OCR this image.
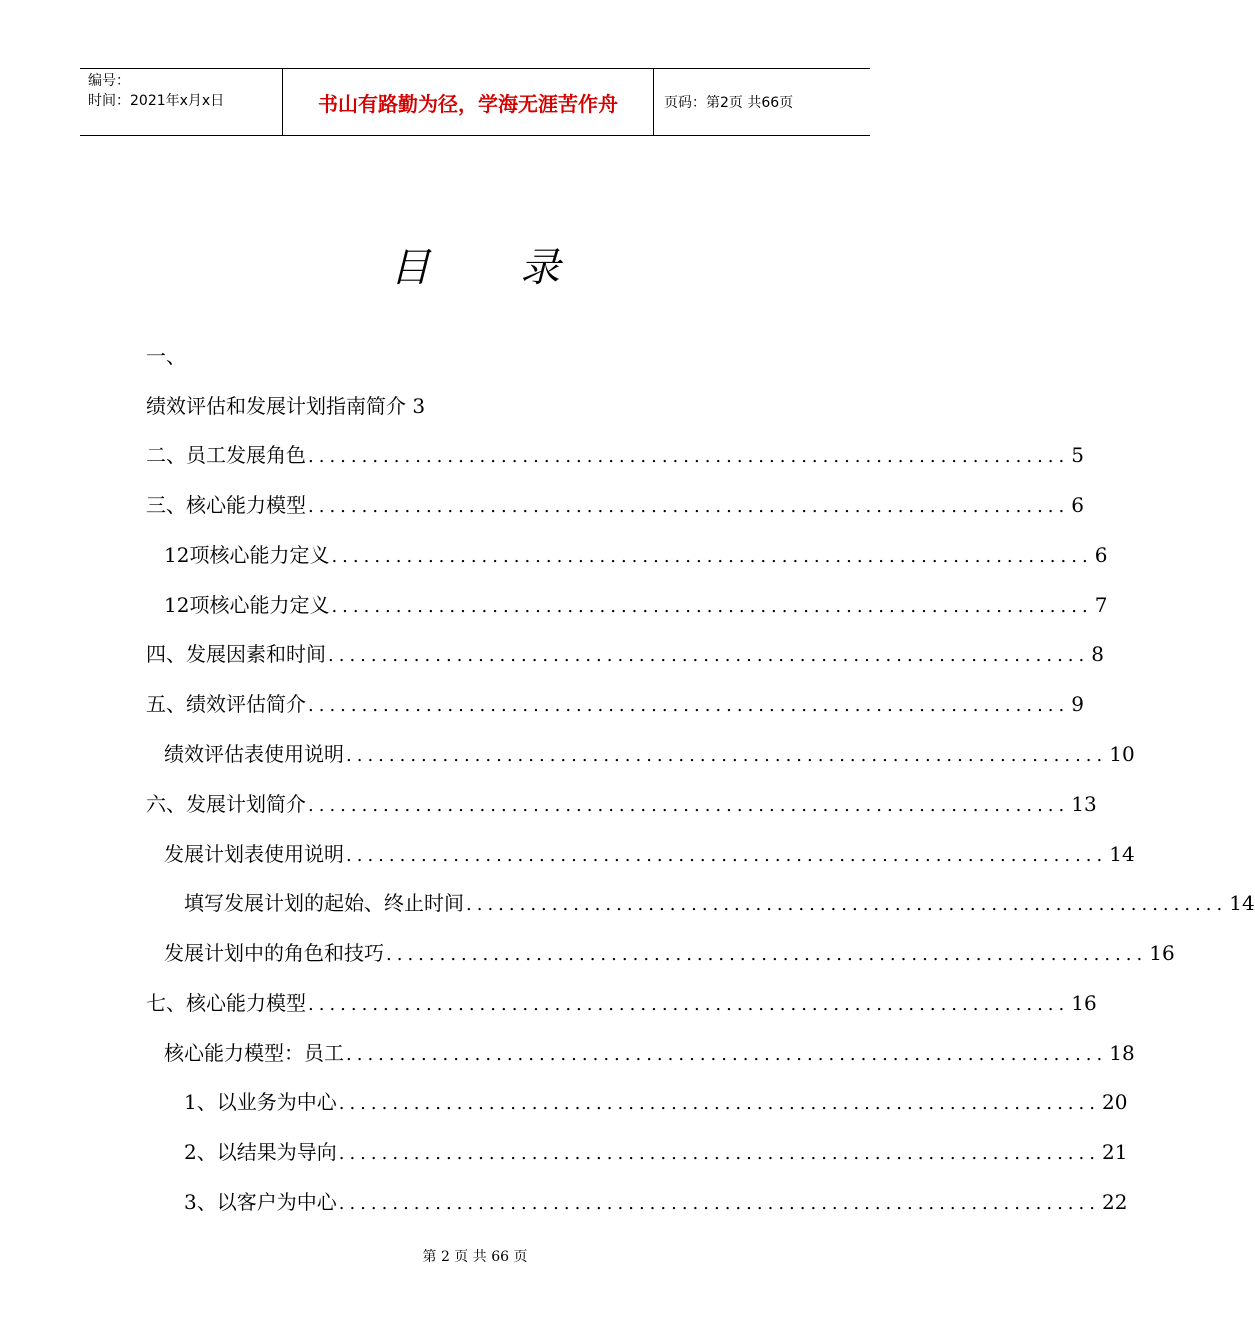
编号：
时间：2021年x月x日	书山有路勤为径，学海无涯苦作舟	页码：第2页 共66页
目 录
一、
绩效评估和发展计划指南简介 3
二、员工发展角色 ....................................................................... 5
三、核心能力模型 ....................................................................... 6
12项核心能力定义 ....................................................................... 6
12项核心能力定义 ....................................................................... 7
四、发展因素和时间 ....................................................................... 8
五、绩效评估简介 ....................................................................... 9
绩效评估表使用说明 ....................................................................... 10
六、发展计划简介 ....................................................................... 13
发展计划表使用说明 ....................................................................... 14
填写发展计划的起始、终止时间 ....................................................................... 14
发展计划中的角色和技巧 ....................................................................... 16
七、核心能力模型 ....................................................................... 16
核心能力模型：员工 ....................................................................... 18
1、以业务为中心 ....................................................................... 20
2、以结果为导向 ....................................................................... 21
3、以客户为中心 ....................................................................... 22
第 2 页 共 66 页
